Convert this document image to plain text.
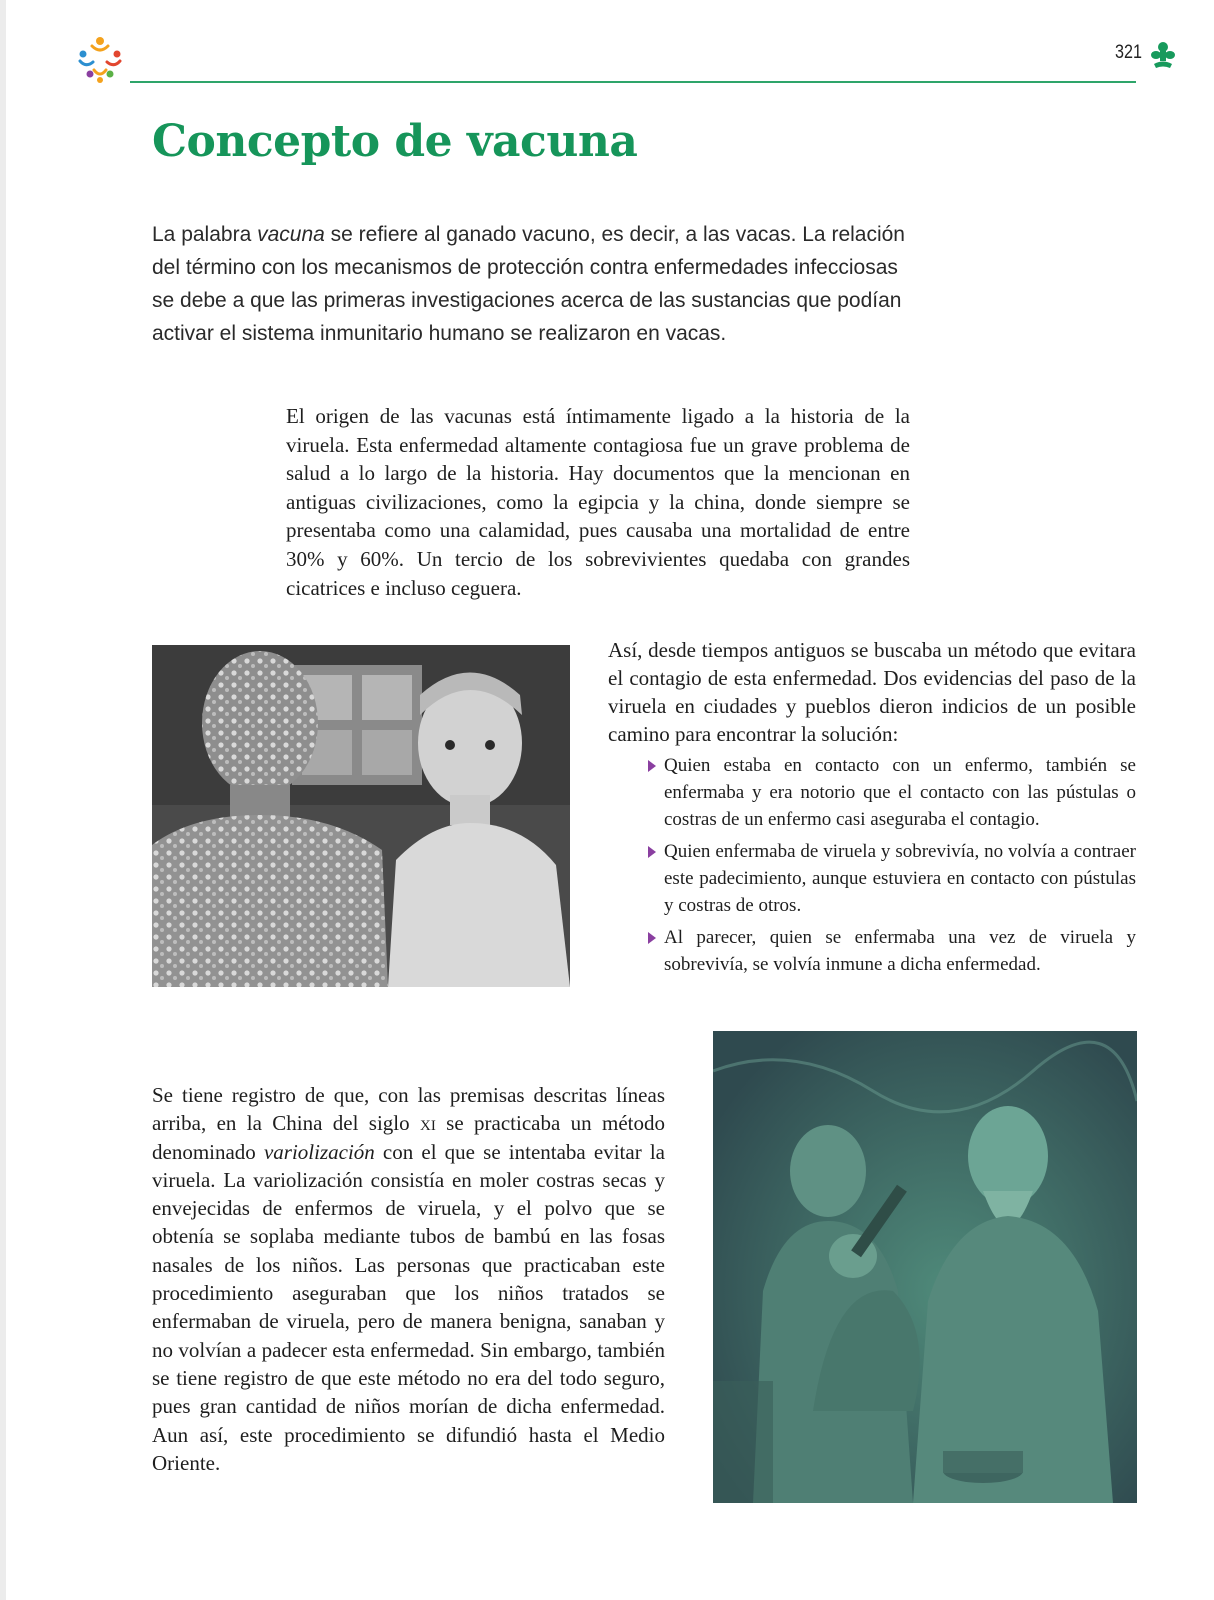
321
Concepto de vacuna

La palabra vacuna se refiere al ganado vacuno, es decir, a las vacas. La relación del término con los mecanismos de protección contra enfermedades infecciosas se debe a que las primeras investigaciones acerca de las sustancias que podían activar el sistema inmunitario humano se realizaron en vacas.

El origen de las vacunas está íntimamente ligado a la historia de la viruela. Esta enfermedad altamente contagiosa fue un grave problema de salud a lo largo de la historia. Hay documentos que la mencionan en antiguas civilizaciones, como la egipcia y la china, donde siempre se presentaba como una calamidad, pues causaba una mortalidad de entre 30% y 60%. Un tercio de los sobrevivientes quedaba con grandes cicatrices e incluso ceguera.

Así, desde tiempos antiguos se buscaba un método que evitara el contagio de esta enfermedad. Dos evidencias del paso de la viruela en ciudades y pueblos dieron indicios de un posible camino para encontrar la solución:

Quien estaba en contacto con un enfermo, también se enfermaba y era notorio que el contacto con las pústulas o costras de un enfermo casi aseguraba el contagio.
Quien enfermaba de viruela y sobrevivía, no volvía a contraer este padecimiento, aunque estuviera en contacto con pústulas y costras de otros.
Al parecer, quien se enfermaba una vez de viruela y sobrevivía, se volvía inmune a dicha enfermedad.

Se tiene registro de que, con las premisas descritas líneas arriba, en la China del siglo xi se practicaba un método denominado variolización con el que se intentaba evitar la viruela. La variolización consistía en moler costras secas y envejecidas de enfermos de viruela, y el polvo que se obtenía se soplaba mediante tubos de bambú en las fosas nasales de los niños. Las personas que practicaban este procedimiento aseguraban que los niños tratados se enfermaban de viruela, pero de manera benigna, sanaban y no volvían a padecer esta enfermedad. Sin embargo, también se tiene registro de que este método no era del todo seguro, pues gran cantidad de niños morían de dicha enfermedad. Aun así, este procedimiento se difundió hasta el Medio Oriente.
